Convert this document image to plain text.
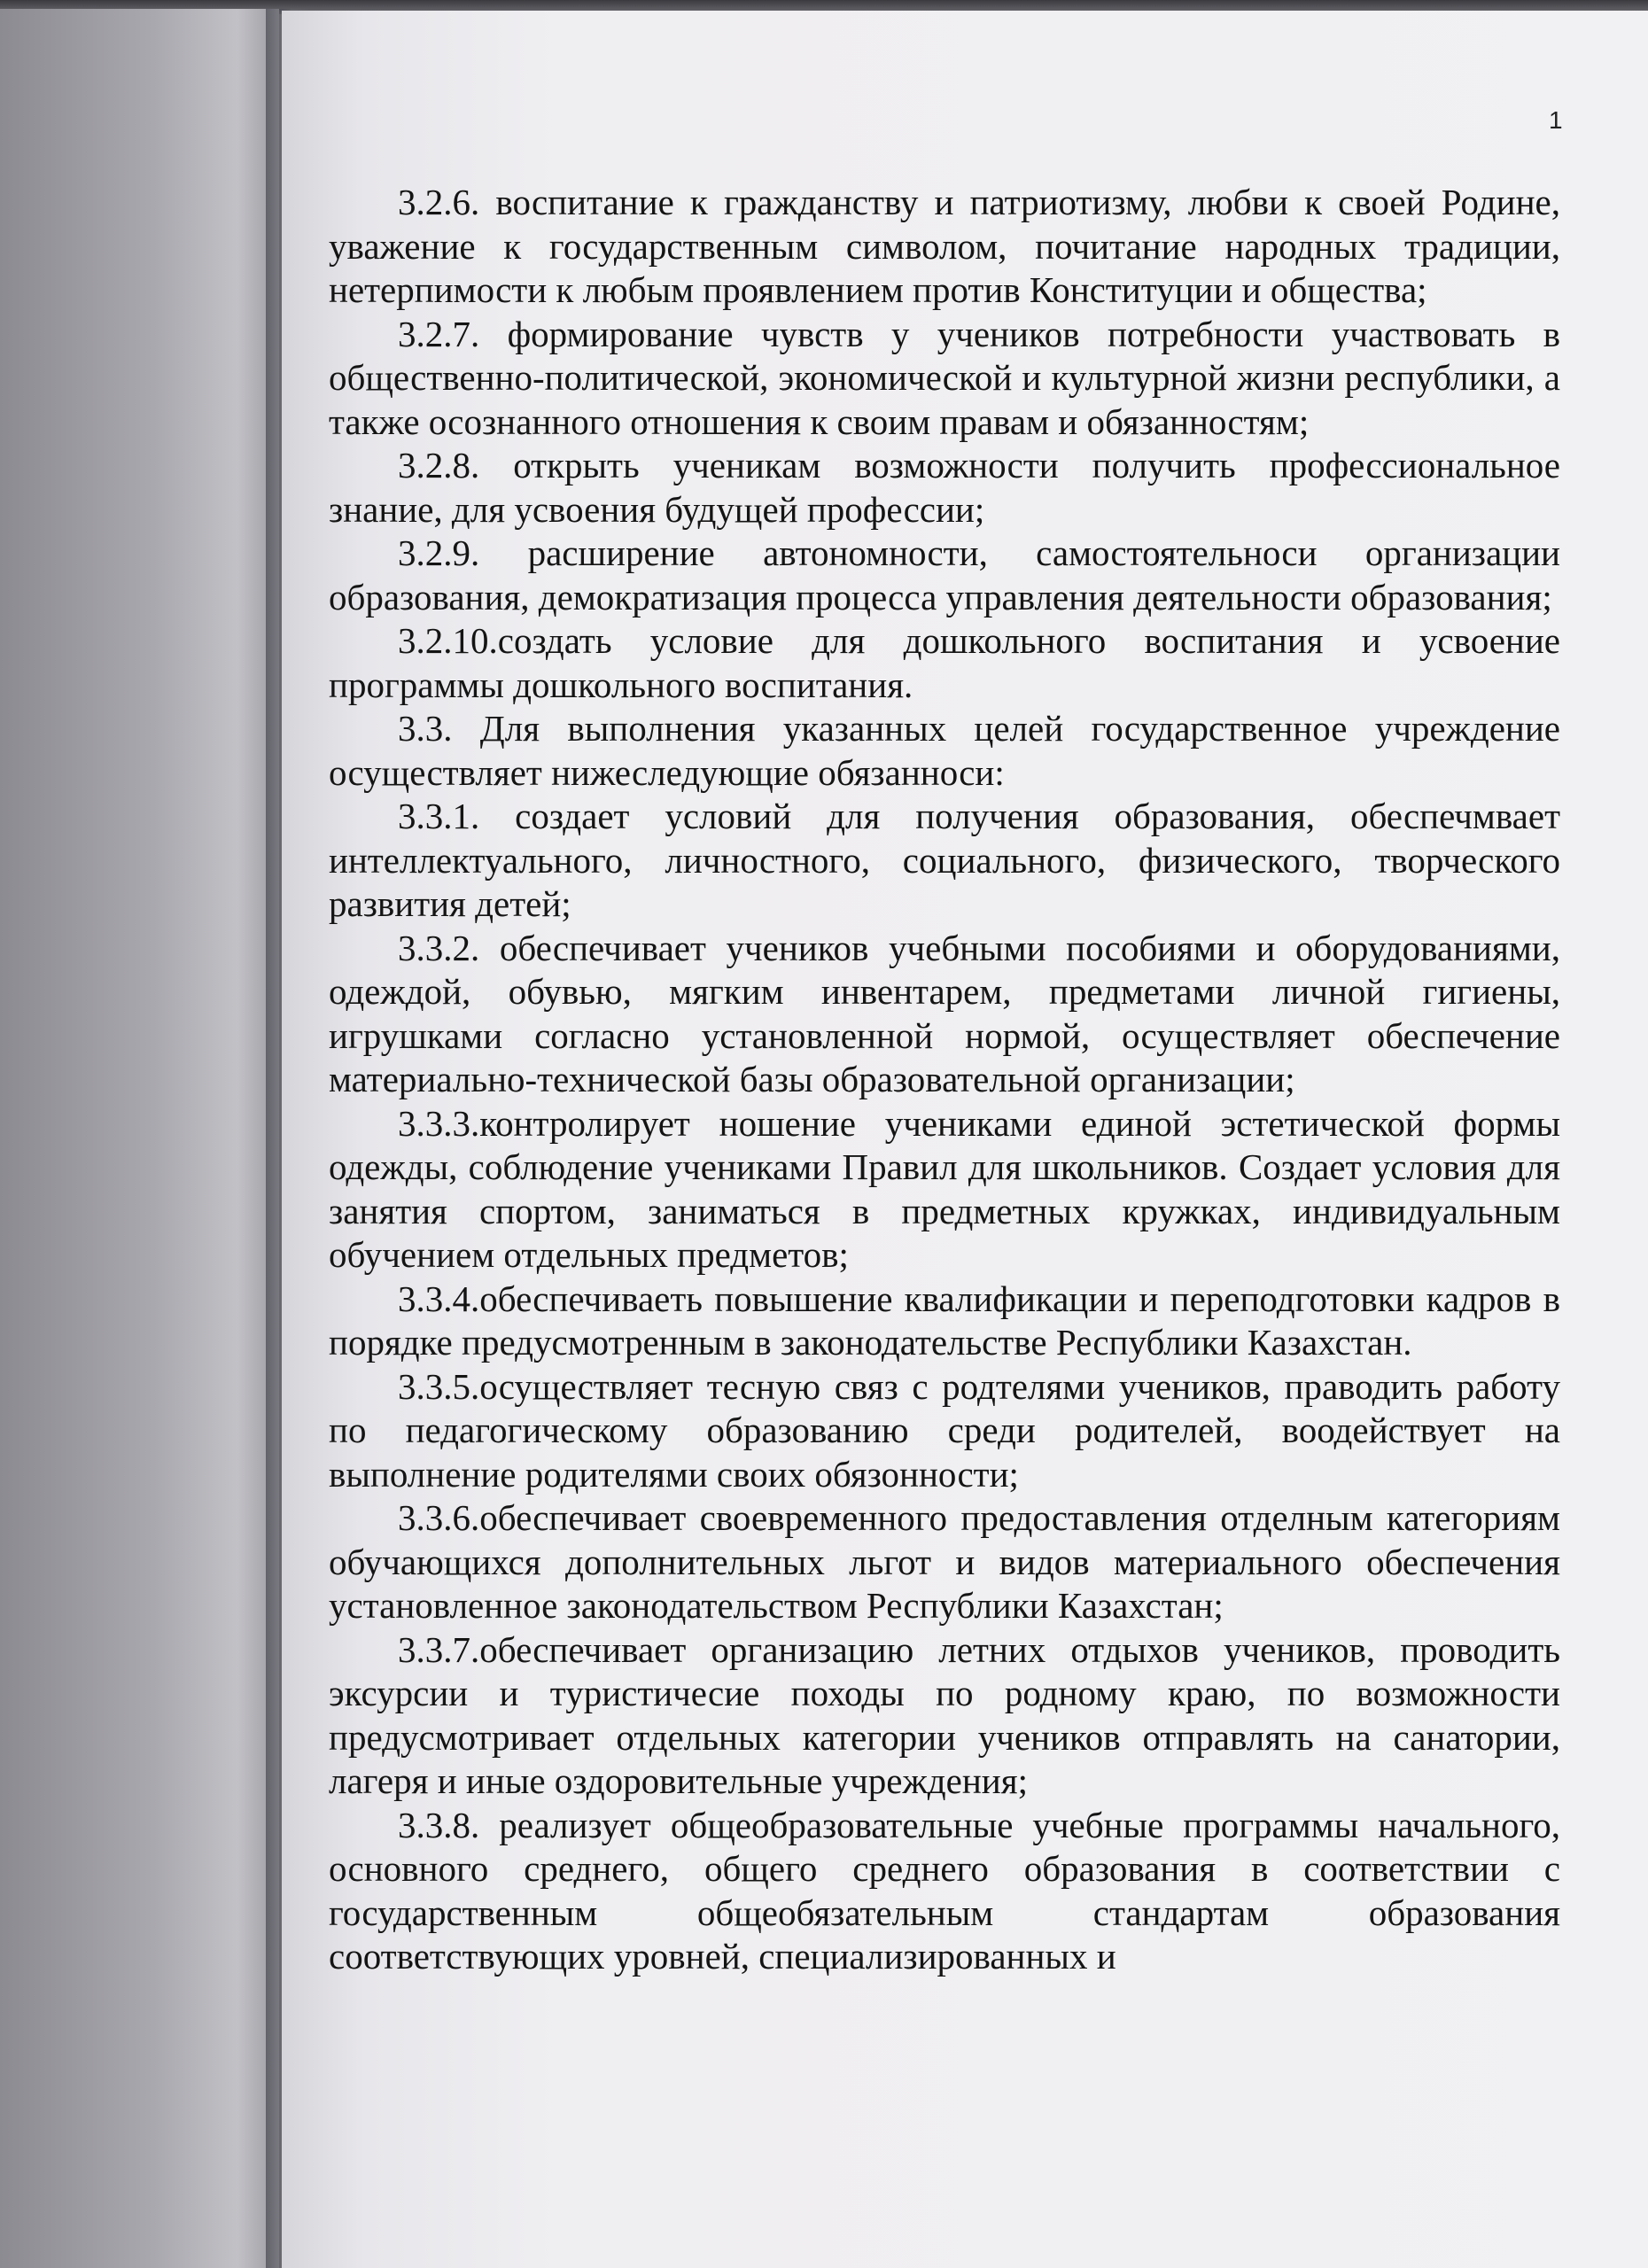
1

3.2.6. воспитание к гражданству и патриотизму, любви к своей Родине, уважение к государственным символом, почитание народных традиции, нетерпимости к любым проявлением против Конституции и общества;

3.2.7. формирование чувств у учеников потребности участвовать в общественно-политической, экономической и культурной жизни республики, а также осознанного отношения к своим правам и обязанностям;

3.2.8. открыть ученикам возможности получить профессиональное знание, для усвоения будущей профессии;

3.2.9. расширение автономности, самостоятельноси организации образования, демократизация процесса управления деятельности образования;

3.2.10.создать условие для дошкольного воспитания и усвоение программы дошкольного воспитания.

3.3. Для выполнения указанных целей государственное учреждение осуществляет нижеследующие обязанноси:

3.3.1. создает условий для получения образования, обеспечмвает интеллектуального, личностного, социального, физического, творческого развития детей;

3.3.2. обеспечивает учеников учебными пособиями и оборудованиями, одеждой, обувью, мягким инвентарем, предметами личной гигиены, игрушками согласно установленной нормой, осуществляет обеспечение материально-технической базы образовательной организации;

3.3.3.контролирует ношение учениками единой эстетической формы одежды, соблюдение учениками Правил для школьников. Создает условия для занятия спортом, заниматься в предметных кружках, индивидуальным обучением отдельных предметов;

3.3.4.обеспечиваеть повышение квалификации и переподготовки кадров в порядке предусмотренным в законодательстве Республики Казахстан.

3.3.5.осуществляет тесную связ с родтелями учеников, праводить работу по педагогическому образованию среди родителей, воодействует на выполнение родителями своих обязонности;

3.3.6.обеспечивает своевременного предоставления отделным категориям обучающихся дополнительных льгот и видов материального обеспечения установленное законодательством Республики Казахстан;

3.3.7.обеспечивает организацию летних отдыхов учеников, проводить эксурсии и туристичесие походы по родному краю, по возможности предусмотривает отдельных категории учеников отправлять на санатории, лагеря и иные оздоровительные учреждения;

3.3.8. реализует общеобразовательные учебные программы начального, основного среднего, общего среднего образования в соответствии с государственным общеобязательным стандартам образования соответствующих уровней, специализированных и
